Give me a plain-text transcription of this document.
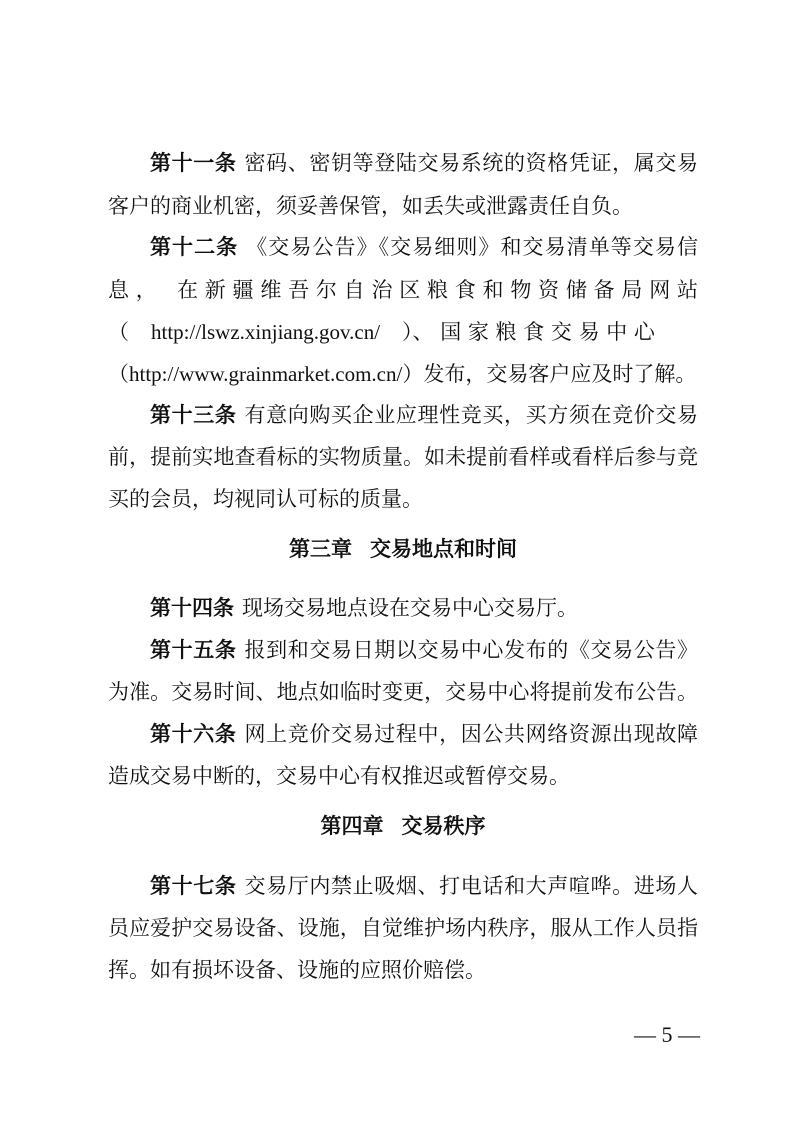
第十一条 密码、密钥等登陆交易系统的资格凭证，属交易
客户的商业机密，须妥善保管，如丢失或泄露责任自负。
第十二条 《交易公告》《交易细则》和交易清单等交易信
息， 在新疆维吾尔自治区粮食和物资储备局网站
（ http://lswz.xinjiang.gov.cn/ ）、 国 家 粮 食 交 易 中 心
（http://www.grainmarket.com.cn/）发布，交易客户应及时了解。
第十三条 有意向购买企业应理性竞买，买方须在竞价交易
前，提前实地查看标的实物质量。如未提前看样或看样后参与竞
买的会员，均视同认可标的质量。
第三章 交易地点和时间
第十四条 现场交易地点设在交易中心交易厅。
第十五条 报到和交易日期以交易中心发布的《交易公告》
为准。交易时间、地点如临时变更，交易中心将提前发布公告。
第十六条 网上竞价交易过程中，因公共网络资源出现故障
造成交易中断的，交易中心有权推迟或暂停交易。
第四章 交易秩序
第十七条 交易厅内禁止吸烟、打电话和大声喧哗。进场人
员应爱护交易设备、设施，自觉维护场内秩序，服从工作人员指
挥。如有损坏设备、设施的应照价赔偿。
— 5 —
